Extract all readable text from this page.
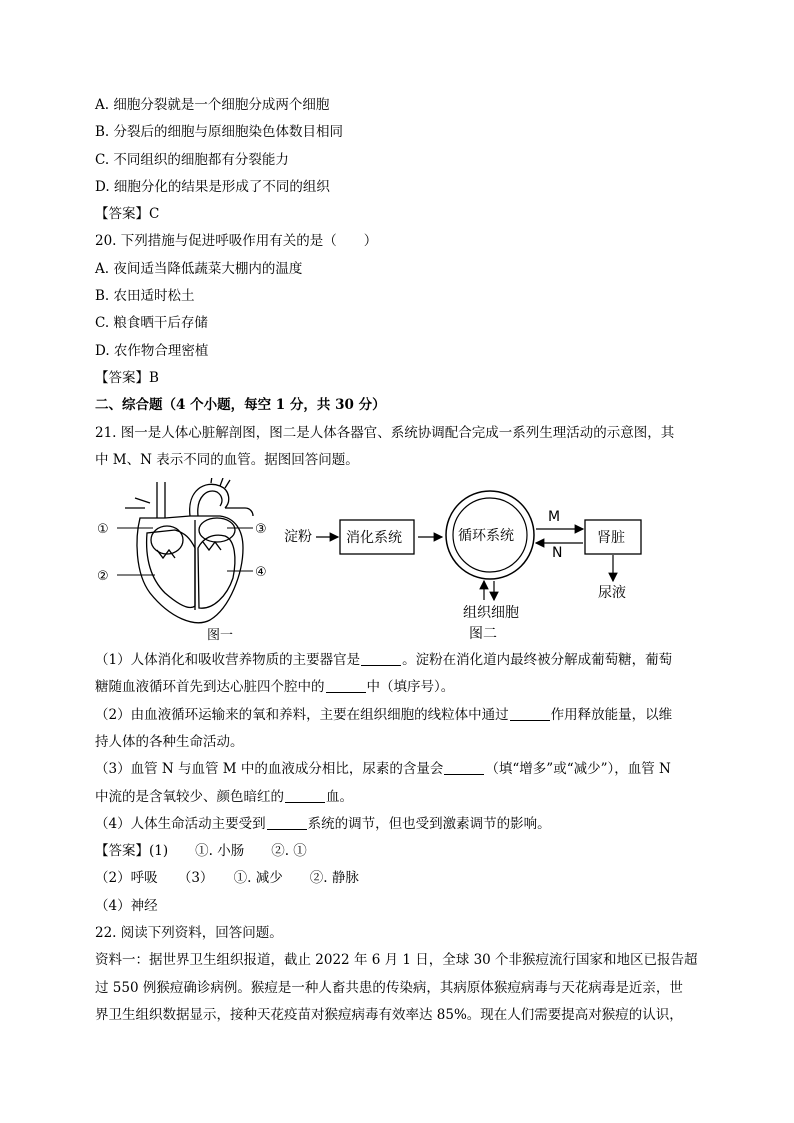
A. 细胞分裂就是一个细胞分成两个细胞
B. 分裂后的细胞与原细胞染色体数目相同
C. 不同组织的细胞都有分裂能力
D. 细胞分化的结果是形成了不同的组织
【答案】C
20. 下列措施与促进呼吸作用有关的是（　　）
A. 夜间适当降低蔬菜大棚内的温度
B. 农田适时松土
C. 粮食晒干后存储
D. 农作物合理密植
【答案】B
二、综合题（4 个小题，每空 1 分，共 30 分）
21. 图一是人体心脏解剖图，图二是人体各器官、系统协调配合完成一系列生理活动的示意图，其
中 M、N 表示不同的血管。据图回答问题。
①
②
③
④
图一
淀粉 消化系统	循环系统	肾脏
M
N
组织细胞
尿液
图二
（1）人体消化和吸收营养物质的主要器官是	。淀粉在消化道内最终被分解成葡萄糖，葡萄
糖随血液循环首先到达心脏四个腔中的	中（填序号）。
（2）由血液循环运输来的氧和养料，主要在组织细胞的线粒体中通过	作用释放能量，以维
持人体的各种生命活动。
（3）血管 N 与血管 M 中的血液成分相比，尿素的含量会	（填“增多”或“减少”），血管 N
中流的是含氧较少、颜色暗红的	血。
（4）人体生命活动主要受到	系统的调节，但也受到激素调节的影响。
【答案】(1)　　①. 小肠　　②. ①
（2）呼吸　　（3）　　①. 减少　　②. 静脉
（4）神经
22. 阅读下列资料，回答问题。
资料一：据世界卫生组织报道，截止 2022 年 6 月 1 日，全球 30 个非猴痘流行国家和地区已报告超
过 550 例猴痘确诊病例。猴痘是一种人畜共患的传染病，其病原体猴痘病毒与天花病毒是近亲，世
界卫生组织数据显示，接种天花疫苗对猴痘病毒有效率达 85%。现在人们需要提高对猴痘的认识，
